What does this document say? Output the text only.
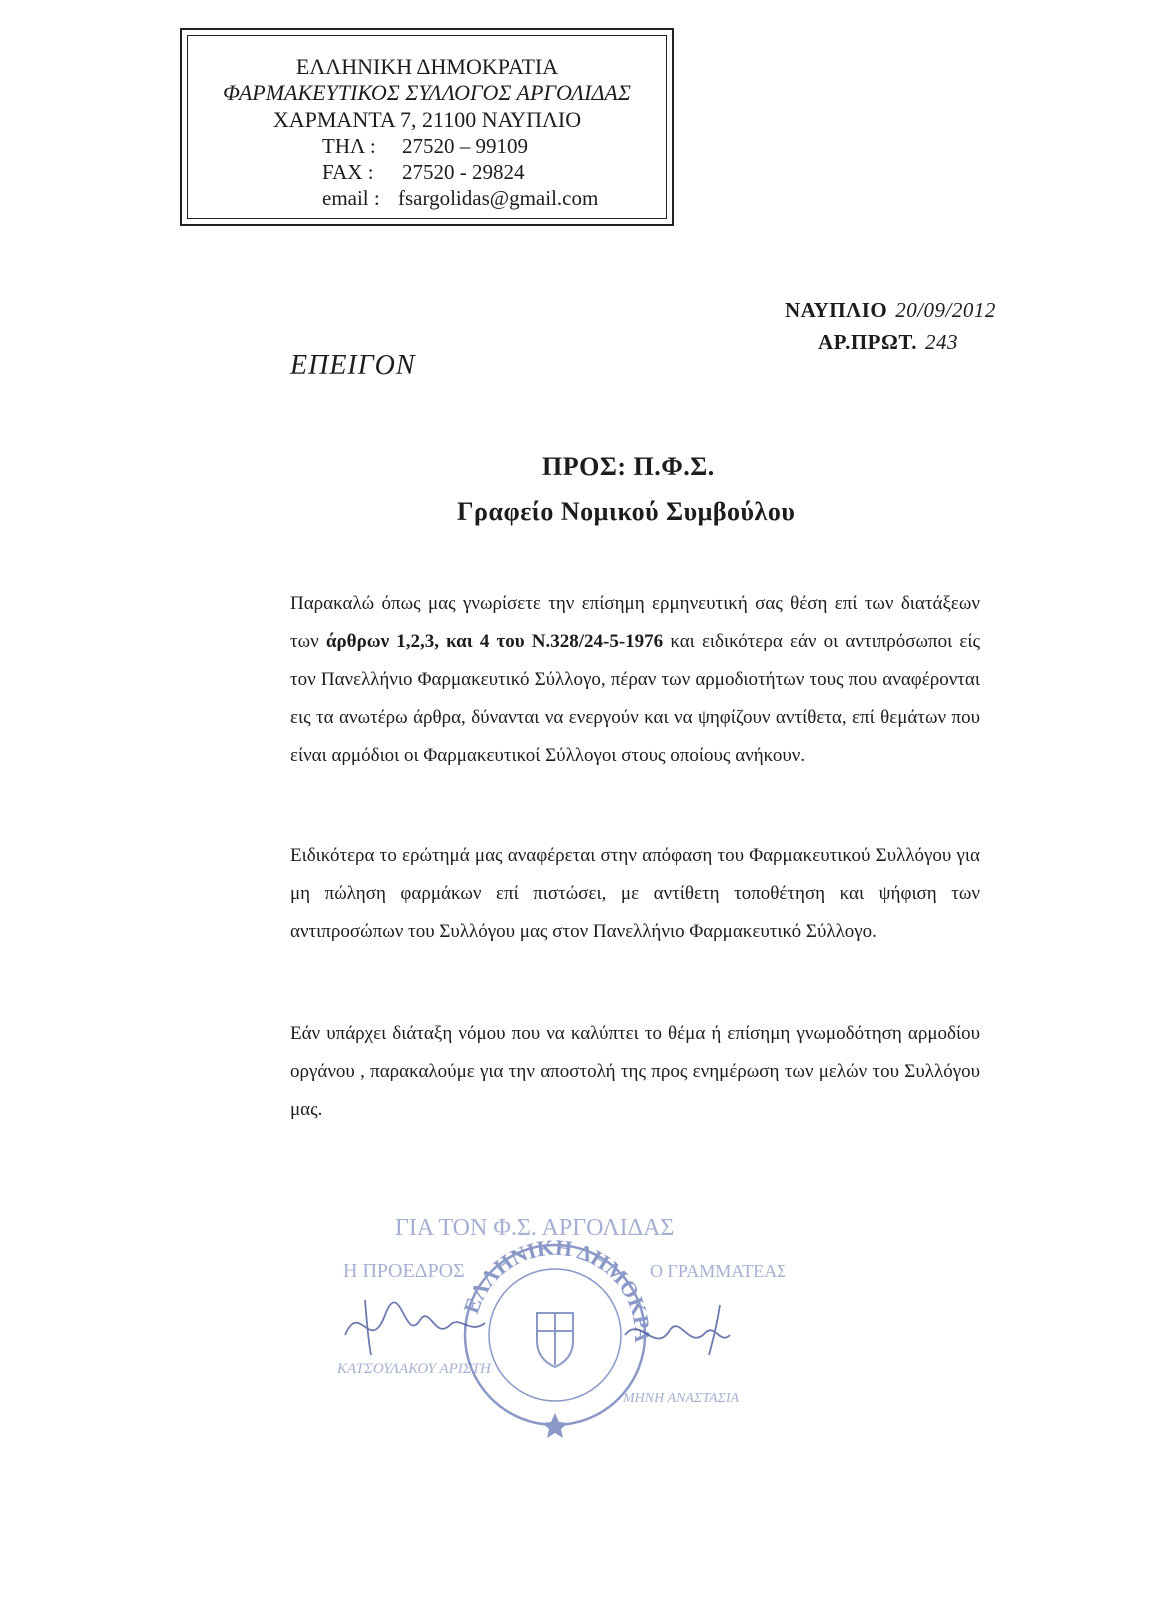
ΕΛΛΗΝΙΚΗ ΔΗΜΟΚΡΑΤΙΑ
ΦΑΡΜΑΚΕΥΤΙΚΟΣ ΣΥΛΛΟΓΟΣ ΑΡΓΟΛΙΔΑΣ
ΧΑΡΜΑΝΤΑ 7, 21100 ΝΑΥΠΛΙΟ
ΤΗΛ : 27520 – 99109
FAX : 27520 - 29824
email : fsargolidas@gmail.com
ΝΑΥΠΛΙΟ 20/09/2012
ΑΡ.ΠΡΩΤ. 243
ΕΠΕΙΓΟΝ
ΠΡΟΣ: Π.Φ.Σ.
Γραφείο Νομικού Συμβούλου
Παρακαλώ όπως μας γνωρίσετε την επίσημη ερμηνευτική σας θέση επί των διατάξεων των άρθρων 1,2,3, και 4 του Ν.328/24-5-1976 και ειδικότερα εάν οι αντιπρόσωποι είς τον Πανελλήνιο Φαρμακευτικό Σύλλογο, πέραν των αρμοδιοτήτων τους που αναφέρονται εις τα ανωτέρω άρθρα, δύνανται να ενεργούν και να ψηφίζουν αντίθετα, επί θεμάτων που είναι αρμόδιοι οι Φαρμακευτικοί Σύλλογοι στους οποίους ανήκουν.
Ειδικότερα το ερώτημά μας αναφέρεται στην απόφαση του Φαρμακευτικού Συλλόγου για μη πώληση φαρμάκων επί πιστώσει, με αντίθετη τοποθέτηση και ψήφιση των αντιπροσώπων του Συλλόγου μας στον Πανελλήνιο Φαρμακευτικό Σύλλογο.
Εάν υπάρχει διάταξη νόμου που να καλύπτει το θέμα ή επίσημη γνωμοδότηση αρμοδίου οργάνου , παρακαλούμε για την αποστολή της προς ενημέρωση των μελών του Συλλόγου μας.
ΓΙΑ ΤΟΝ Φ.Σ. ΑΡΓΟΛΙΔΑΣ
Η ΠΡΟΕΔΡΟΣ	Ο ΓΡΑΜΜΑΤΕΑΣ
ΚΑΤΣΟΥΛΑΚΟΥ ΑΡΙΣΤΗ
ΜΗΝΗ ΑΝΑΣΤΑΣΙΑ
ΕΛΛΗΝΙΚΗ ΔΗΜΟΚΡΑ
